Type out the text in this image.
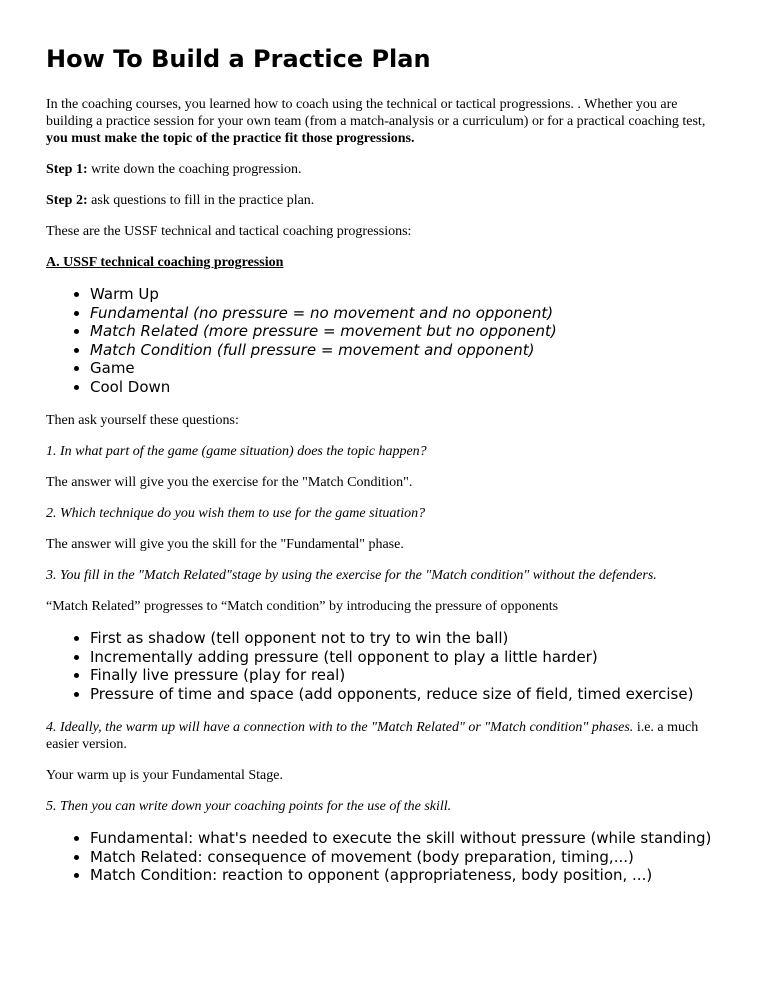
How To Build a Practice Plan

In the coaching courses, you learned how to coach using the technical or tactical progressions. . Whether you are building a practice session for your own team (from a match-analysis or a curriculum) or for a practical coaching test, you must make the topic of the practice fit those progressions.

Step 1: write down the coaching progression.

Step 2: ask questions to fill in the practice plan.

These are the USSF technical and tactical coaching progressions:

A. USSF technical coaching progression

• Warm Up
• Fundamental (no pressure = no movement and no opponent)
• Match Related (more pressure = movement but no opponent)
• Match Condition (full pressure = movement and opponent)
• Game
• Cool Down

Then ask yourself these questions:

1. In what part of the game (game situation) does the topic happen?

The answer will give you the exercise for the "Match Condition".

2. Which technique do you wish them to use for the game situation?

The answer will give you the skill for the "Fundamental" phase.

3. You fill in the "Match Related"stage by using the exercise for the "Match condition" without the defenders.

“Match Related” progresses to “Match condition” by introducing the pressure of opponents

• First as shadow (tell opponent not to try to win the ball)
• Incrementally adding pressure (tell opponent to play a little harder)
• Finally live pressure (play for real)
• Pressure of time and space (add opponents, reduce size of field, timed exercise)

4. Ideally, the warm up will have a connection with to the "Match Related" or "Match condition" phases. i.e. a much easier version.

Your warm up is your Fundamental Stage.

5. Then you can write down your coaching points for the use of the skill.

• Fundamental: what's needed to execute the skill without pressure (while standing)
• Match Related: consequence of movement (body preparation, timing,...)
• Match Condition: reaction to opponent (appropriateness, body position, ...)
